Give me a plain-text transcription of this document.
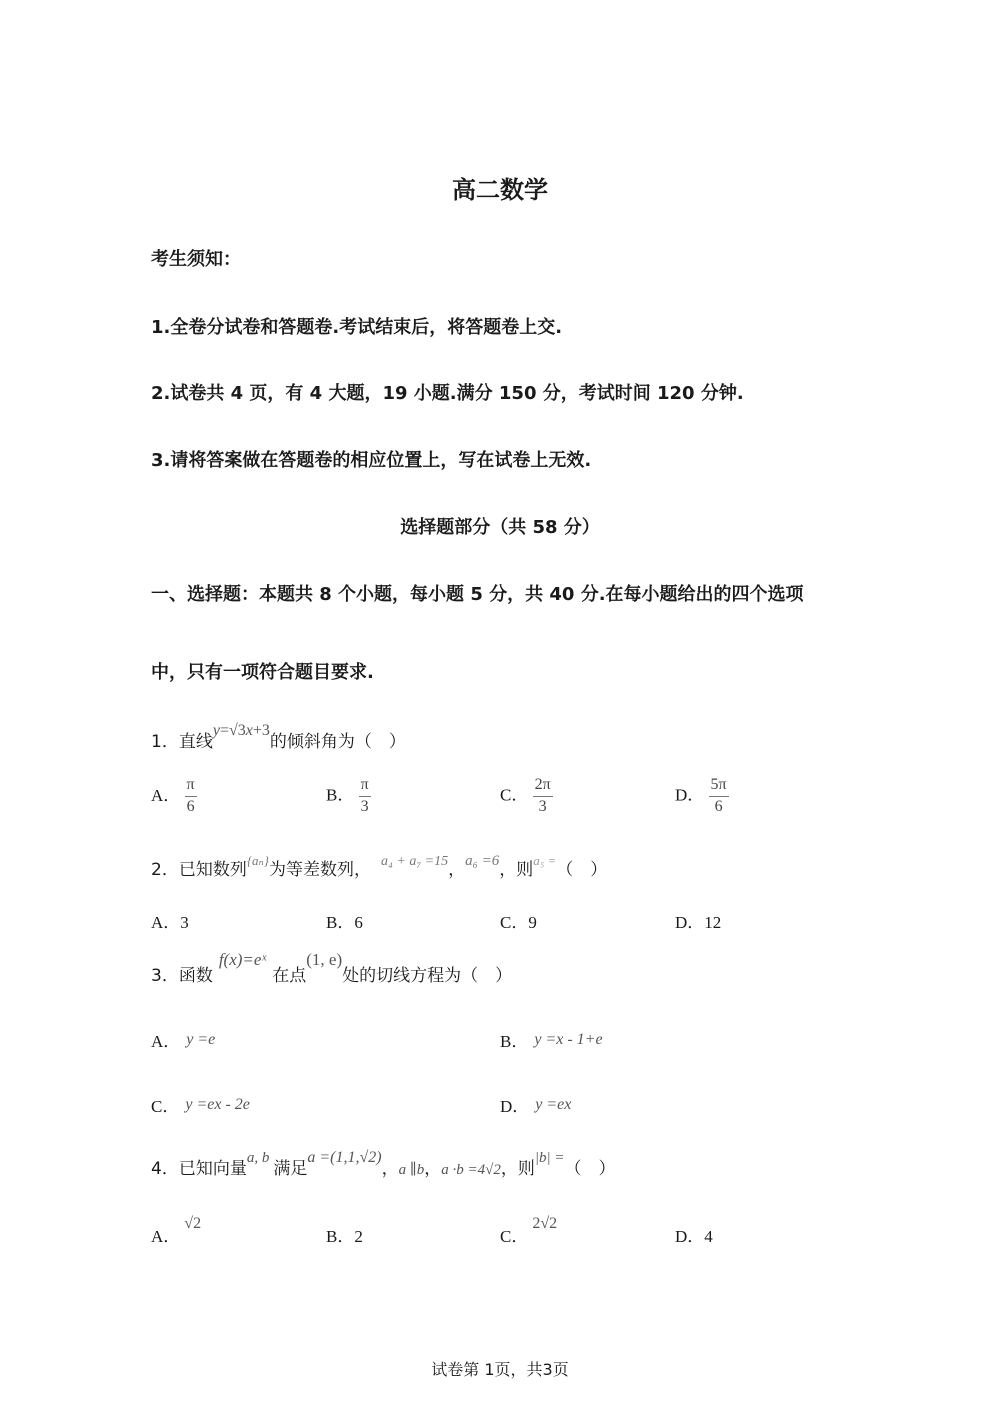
高二数学
考生须知：
1.全卷分试卷和答题卷.考试结束后，将答题卷上交.
2.试卷共 4 页，有 4 大题，19 小题.满分 150 分，考试时间 120 分钟.
3.请将答案做在答题卷的相应位置上，写在试卷上无效.
选择题部分（共 58 分）
一、选择题：本题共 8 个小题，每小题 5 分，共 40 分.在每小题给出的四个选项
中，只有一项符合题目要求.
1．直线y=√3x+3的倾斜角为（　）
A． $\frac{\pi}{6}$	B． $\frac{\pi}{3}$	C． $\frac{2\pi}{3}$	D． $\frac{5\pi}{6}$
2．已知数列{aₙ}为等差数列， a₄ + a₇ =15，a₆ =6，则a₅ =（　）
A．3	B．6	C．9	D．12
3．函数f(x)=eˣ在点(1, e)处的切线方程为（　）
A． y =e	B． y =x - 1+e
C． y =ex - 2e	D． y =ex
4．已知向量a, b满足a =(1,1,√2)，a ∥b，a ·b =4√2，则|b| =（　）
A．√2
B．2	C．2√2
D．4
试卷第 1页，共3页
